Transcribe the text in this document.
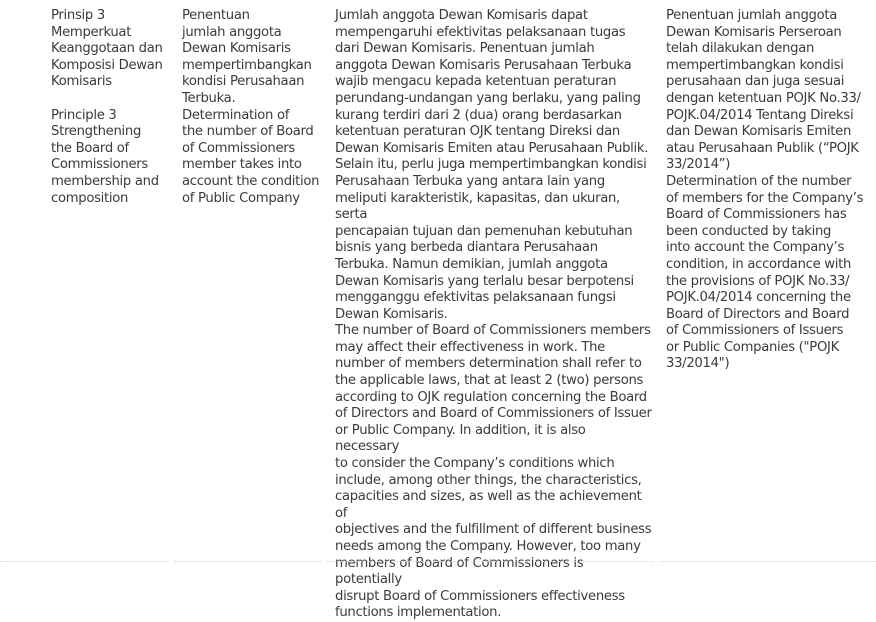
Prinsip 3
Memperkuat
Keanggotaan dan
Komposisi Dewan
Komisaris

Principle 3
Strengthening
the Board of
Commissioners
membership and
composition

Penentuan
jumlah anggota
Dewan Komisaris
mempertimbangkan
kondisi Perusahaan
Terbuka.

Determination of
the number of Board
of Commissioners
member takes into
account the condition
of Public Company

Jumlah anggota Dewan Komisaris dapat
mempengaruhi efektivitas pelaksanaan tugas
dari Dewan Komisaris. Penentuan jumlah
anggota Dewan Komisaris Perusahaan Terbuka
wajib mengacu kepada ketentuan peraturan
perundang-undangan yang berlaku, yang paling
kurang terdiri dari 2 (dua) orang berdasarkan
ketentuan peraturan OJK tentang Direksi dan
Dewan Komisaris Emiten atau Perusahaan Publik.
Selain itu, perlu juga mempertimbangkan kondisi
Perusahaan Terbuka yang antara lain yang
meliputi karakteristik, kapasitas, dan ukuran, serta
pencapaian tujuan dan pemenuhan kebutuhan
bisnis yang berbeda diantara Perusahaan
Terbuka. Namun demikian, jumlah anggota
Dewan Komisaris yang terlalu besar berpotensi
mengganggu efektivitas pelaksanaan fungsi
Dewan Komisaris.

The number of Board of Commissioners members
may affect their effectiveness in work. The
number of members determination shall refer to
the applicable laws, that at least 2 (two) persons
according to OJK regulation concerning the Board
of Directors and Board of Commissioners of Issuer
or Public Company. In addition, it is also necessary
to consider the Company’s conditions which
include, among other things, the characteristics,
capacities and sizes, as well as the achievement of
objectives and the fulfillment of different business
needs among the Company. However, too many
members of Board of Commissioners is potentially
disrupt Board of Commissioners effectiveness
functions implementation.

Penentuan jumlah anggota
Dewan Komisaris Perseroan
telah dilakukan dengan
mempertimbangkan kondisi
perusahaan dan juga sesuai
dengan ketentuan POJK No.33/
POJK.04/2014 Tentang Direksi
dan Dewan Komisaris Emiten
atau Perusahaan Publik (“POJK
33/2014”)

Determination of the number
of members for the Company’s
Board of Commissioners has
been conducted by taking
into account the Company’s
condition, in accordance with
the provisions of POJK No.33/
POJK.04/2014 concerning the
Board of Directors and Board
of Commissioners of Issuers
or Public Companies ("POJK
33/2014")
